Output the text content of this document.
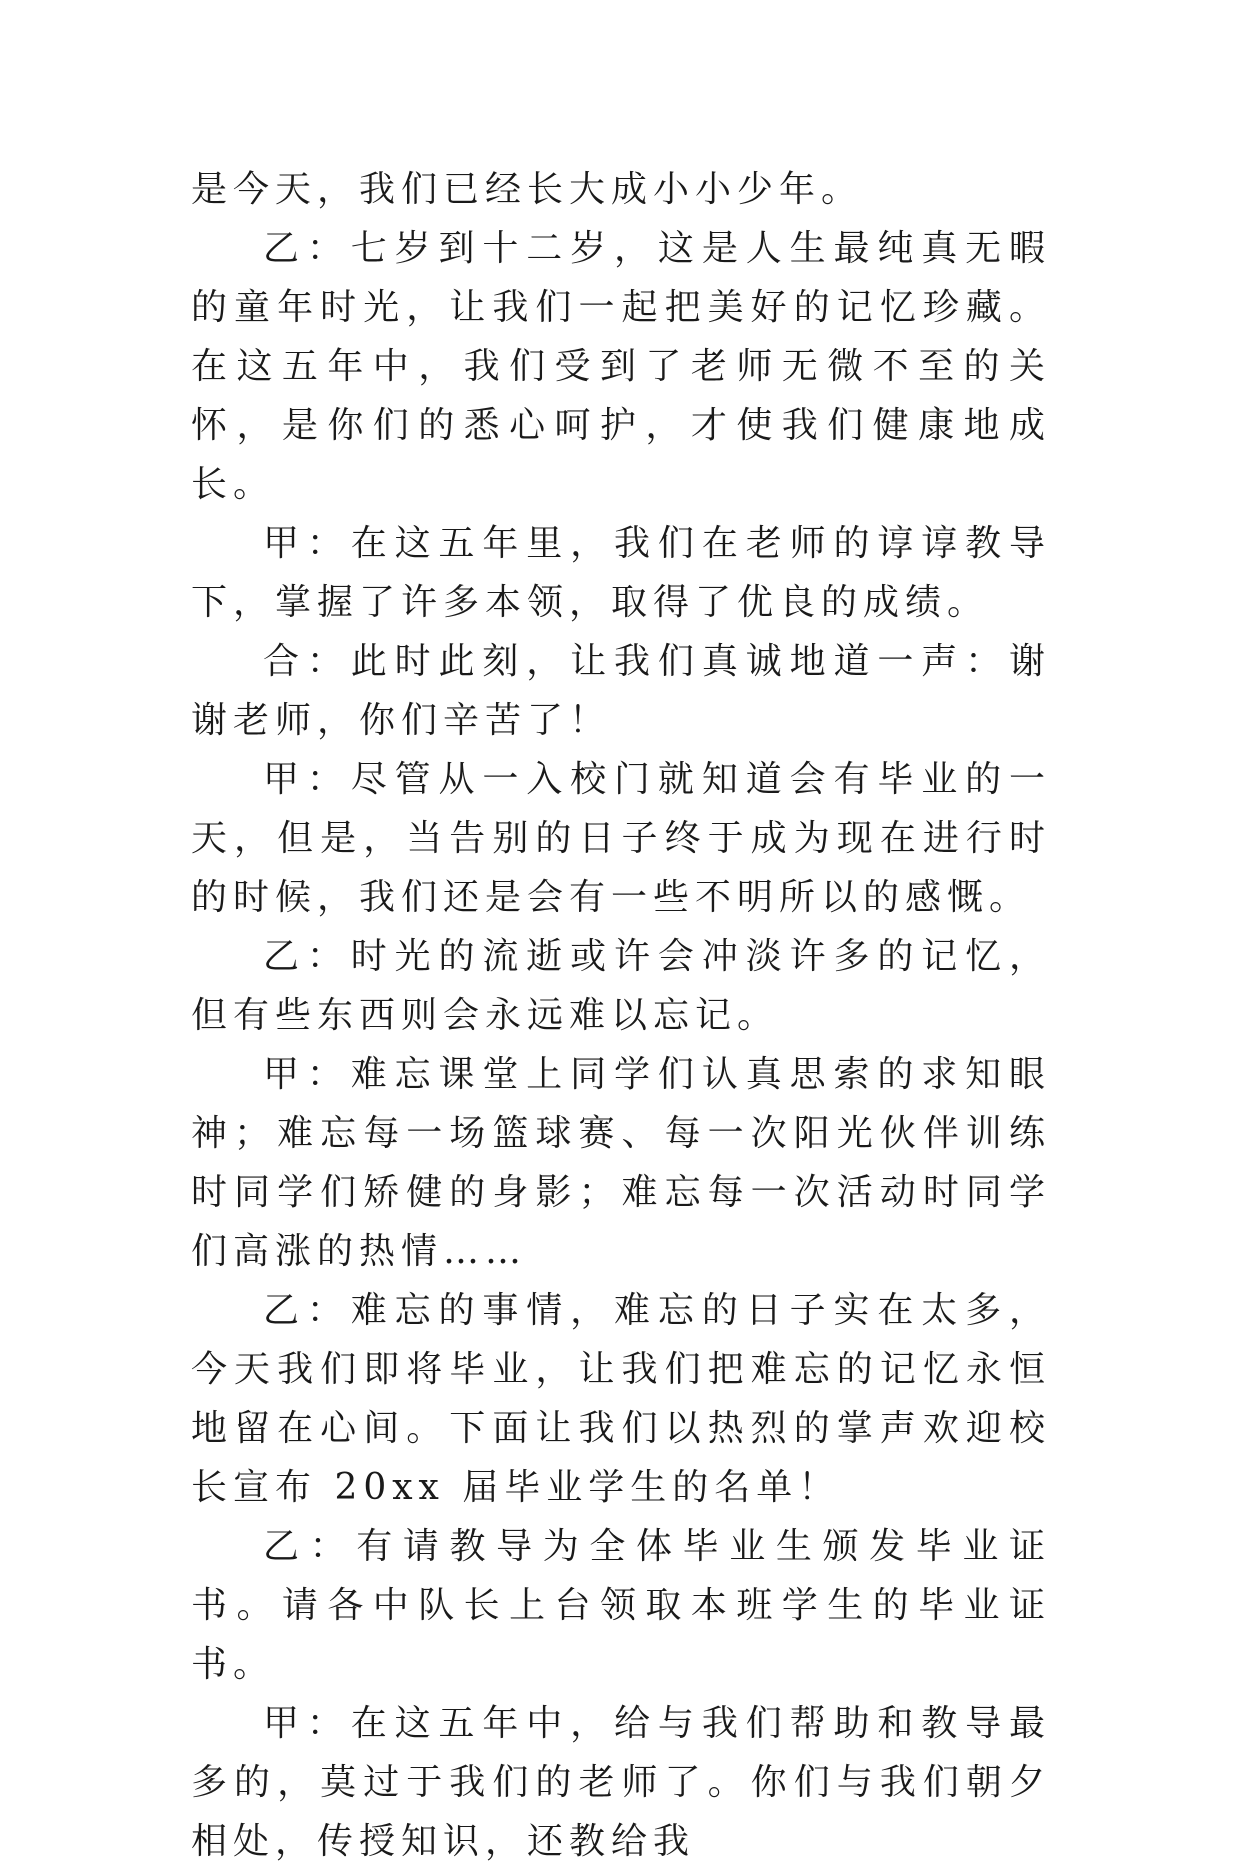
是今天，我们已经长大成小小少年。

乙：七岁到十二岁，这是人生最纯真无暇的童年时光，让我们一起把美好的记忆珍藏。在这五年中，我们受到了老师无微不至的关怀，是你们的悉心呵护，才使我们健康地成长。

甲：在这五年里，我们在老师的谆谆教导下，掌握了许多本领，取得了优良的成绩。

合：此时此刻，让我们真诚地道一声：谢谢老师，你们辛苦了！

甲：尽管从一入校门就知道会有毕业的一天，但是，当告别的日子终于成为现在进行时的时候，我们还是会有一些不明所以的感慨。

乙：时光的流逝或许会冲淡许多的记忆，但有些东西则会永远难以忘记。

甲：难忘课堂上同学们认真思索的求知眼神；难忘每一场篮球赛、每一次阳光伙伴训练时同学们矫健的身影；难忘每一次活动时同学们高涨的热情……

乙：难忘的事情，难忘的日子实在太多，今天我们即将毕业，让我们把难忘的记忆永恒地留在心间。下面让我们以热烈的掌声欢迎校长宣布 20xx 届毕业学生的名单！

乙：有请教导为全体毕业生颁发毕业证书。请各中队长上台领取本班学生的毕业证书。

甲：在这五年中，给与我们帮助和教导最多的，莫过于我们的老师了。你们与我们朝夕相处，传授知识，还教给我
